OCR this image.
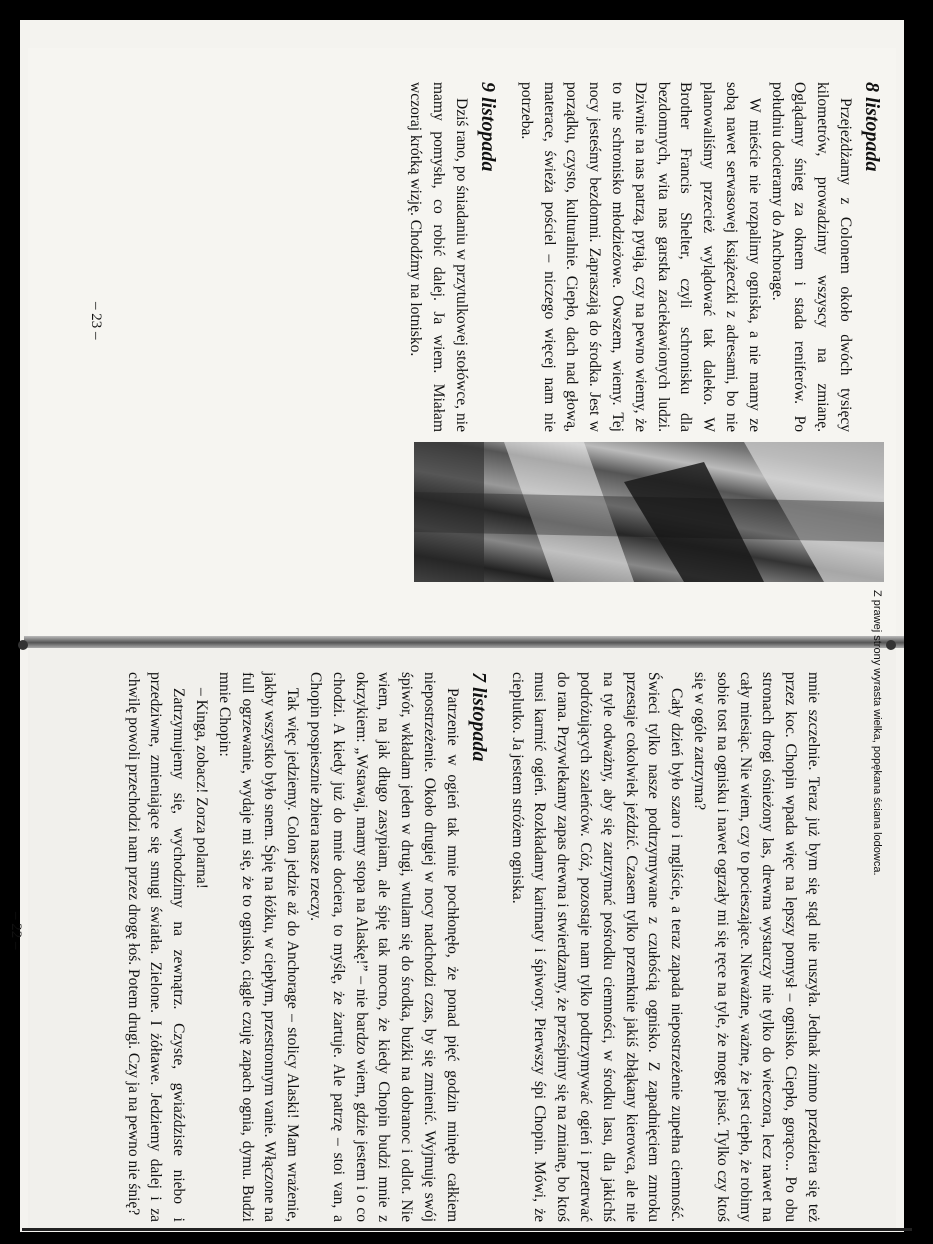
8 listopada

Przejeżdżamy z Colonem około dwóch tysięcy kilometrów, prowadzimy wszyscy na zmianę. Oglądamy śnieg za oknem i stada reniferów. Po południu docieramy do Anchorage.

W mieście nie rozpalimy ogniska, a nie mamy ze sobą nawet serwasowej książeczki z adresami, bo nie planowaliśmy przecież wylądować tak daleko. W Brother Francis Shelter, czyli schronisku dla bezdomnych, wita nas garstka zaciekawionych ludzi. Dziwnie na nas patrzą, pytają, czy na pewno wiemy, że to nie schronisko młodzieżowe. Owszem, wiemy. Tej nocy jesteśmy bezdomni. Zapraszają do środka. Jest w porządku, czysto, kulturalnie. Ciepło, dach nad głową, materace, świeża pościel – niczego więcej nam nie potrzeba.

9 listopada

Dziś rano, po śniadaniu w przytulkowej stołówce, nie mamy pomysłu, co robić dalej. Ja wiem. Miałam wczoraj krótką wizję. Chodźmy na lotnisko.

Z prawej strony wyrasta wielka, popękana ściana lodowca.
– 23 –

mnie szczelnie. Teraz już bym się stąd nie ruszyła. Jednak zimno przedziera się też przez koc. Chopin wpada więc na lepszy pomysł – ognisko. Ciepło, gorąco... Po obu stronach drogi ośnieżony las, drewna wystarczy nie tylko do wieczora, lecz nawet na cały miesiąc. Nie wiem, czy to pocieszające. Nieważne, ważne, że jest ciepło, że robimy sobie tost na ognisku i nawet ogrzały mi się ręce na tyle, że mogę pisać. Tylko czy ktoś się w ogóle zatrzyma?

Cały dzień było szaro i mgliście, a teraz zapada niepostrzeżenie zupełna ciemność. Świeci tylko nasze podtrzymywane z czułością ognisko. Z zapadnięciem zmroku przestaje cokolwiek jeździć. Czasem tylko przemknie jakiś zbłąkany kierowca, ale nie na tyle odważny, aby się zatrzymać pośrodku ciemności, w środku lasu, dla jakichś podróżujących szaleńców. Cóż, pozostaje nam tylko podtrzymywać ogień i przetrwać do rana. Przywlekamy zapas drewna i stwierdzamy, że prześpimy się na zmianę, bo ktoś musi karmić ogień. Rozkładamy karimaty i śpiwory. Pierwszy śpi Chopin. Mówi, że cieplutko. Ja jestem stróżem ogniska.

7 listopada

Patrzenie w ogień tak mnie pochłonęło, że ponad pięć godzin minęło całkiem niepostrzeżenie. Około drugiej w nocy nadchodzi czas, by się zmienić. Wyjmuję swój śpiwór, wkładam jeden w drugi, wtulam się do środka, buźki na dobranoc i odlot. Nie wiem, na jak długo zasypiam, ale śpię tak mocno, że kiedy Chopin budzi mnie z okrzykiem: „Wstawaj, mamy stopa na Alaskę!” – nie bardzo wiem, gdzie jestem i o co chodzi. A kiedy już do mnie dociera, to myślę, że żartuje. Ale patrzę – stoi van, a Chopin pospiesznie zbiera nasze rzeczy.

Tak więc jedziemy. Colon jedzie aż do Anchorage – stolicy Alaski! Mam wrażenie, jakby wszystko było snem. Śpię na łóżku, w ciepłym, przestronnym vanie. Włączone na full ogrzewanie, wydaje mi się, że to ognisko, ciągle czuję zapach ognia, dymu. Budzi mnie Chopin:

– Kinga, zobacz! Zorza polarna!

Zatrzymujemy się, wychodzimy na zewnątrz. Czyste, gwiaździste niebo i przedziwne, zmieniające się smugi światła. Zielone. I żółtawe. Jedziemy dalej i za chwilę powoli przechodzi nam przez drogę łoś. Potem drugi. Czy ja na pewno nie śnię?

– 22 –
